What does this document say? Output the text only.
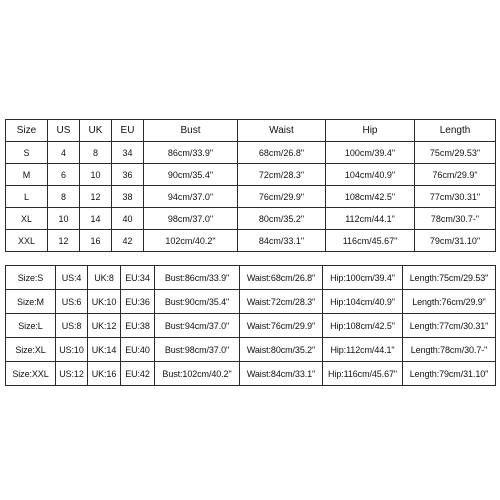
Size	US	UK	EU	Bust	Waist	Hip	Length
S	4	8	34	86cm/33.9"	68cm/26.8"	100cm/39.4"	75cm/29.53"
M	6	10	36	90cm/35.4"	72cm/28.3"	104cm/40.9"	76cm/29.9"
L	8	12	38	94cm/37.0"	76cm/29.9"	108cm/42.5"	77cm/30.31"
XL	10	14	40	98cm/37.0"	80cm/35.2"	112cm/44.1"	78cm/30.7-"
XXL	12	16	42	102cm/40.2"	84cm/33.1"	116cm/45.67"	79cm/31.10"
Size:S	US:4	UK:8	EU:34	Bust:86cm/33.9"	Waist:68cm/26.8"	Hip:100cm/39.4"	Length:75cm/29.53"
Size:M	US:6	UK:10	EU:36	Bust:90cm/35.4"	Waist:72cm/28.3"	Hip:104cm/40.9"	Length:76cm/29.9"
Size:L	US:8	UK:12	EU:38	Bust:94cm/37.0"	Waist:76cm/29.9"	Hip:108cm/42.5"	Length:77cm/30.31"
Size:XL	US:10	UK:14	EU:40	Bust:98cm/37.0"	Waist:80cm/35.2"	Hip:112cm/44.1"	Length:78cm/30.7-"
Size:XXL	US:12	UK:16	EU:42	Bust:102cm/40.2"	Waist:84cm/33.1"	Hip:116cm/45.67"	Length:79cm/31.10"
